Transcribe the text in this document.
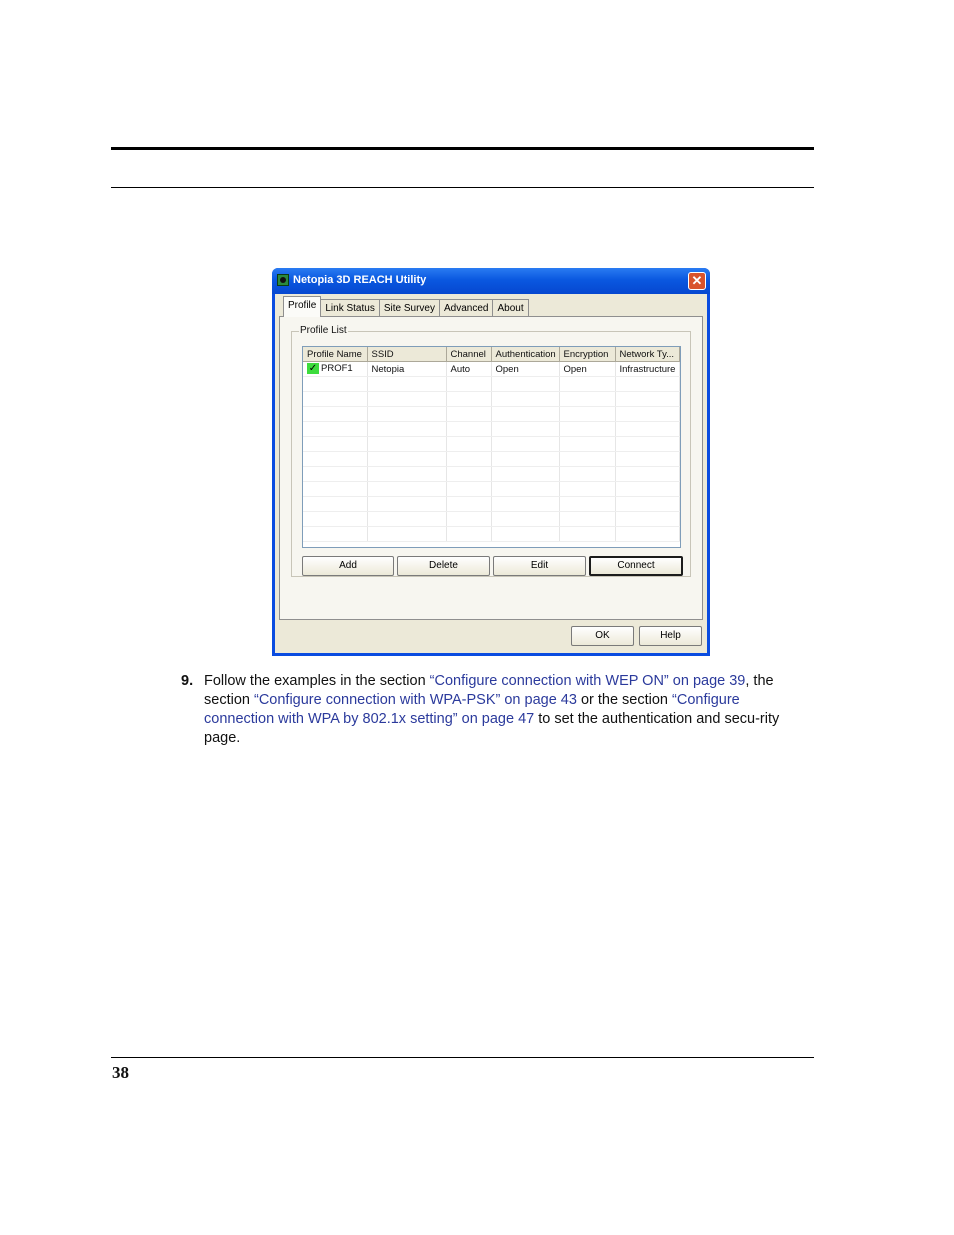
Netopia 3D REACH Utility	✕
Profile Link Status Site Survey Advanced About
Profile List
Profile Name	SSID	Channel	Authentication	Encryption	Network Ty...
✓ PROF1	Netopia	Auto	Open	Open	Infrastructure

Add	Delete	Edit	Connect
OK	Help
9. Follow the examples in the section “Configure connection with WEP ON” on page 39, the section “Configure connection with WPA-PSK” on page 43 or the section “Configure connection with WPA by 802.1x setting” on page 47 to set the authentication and secu-rity page.
38
